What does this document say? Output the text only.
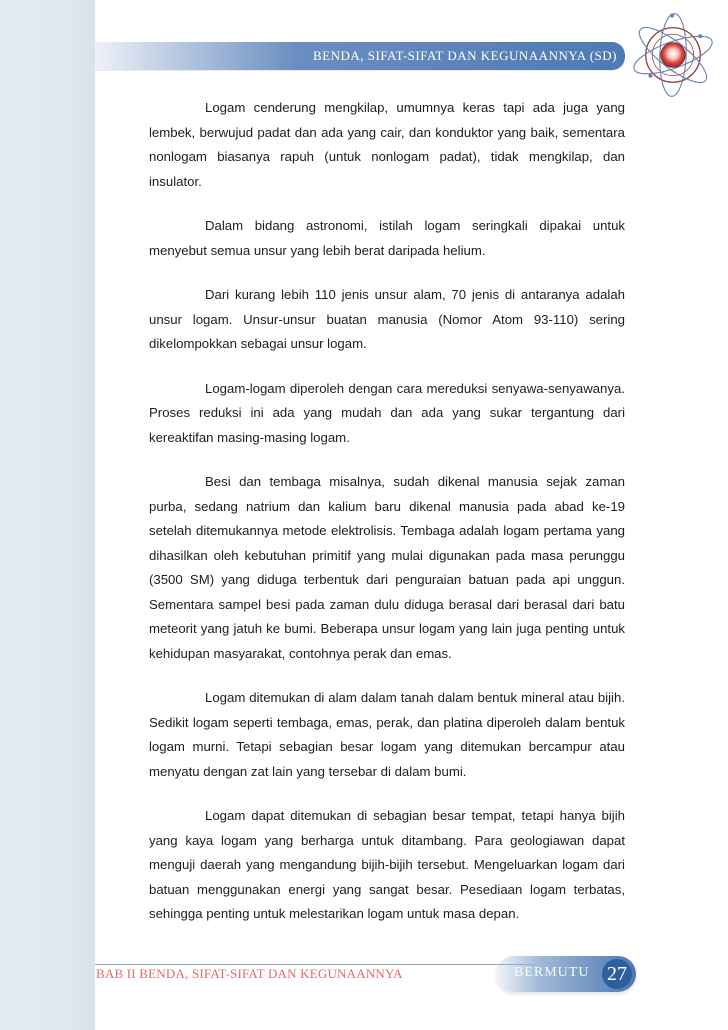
BENDA, SIFAT-SIFAT DAN KEGUNAANNYA (SD)

Logam cenderung mengkilap, umumnya keras tapi ada juga yang lembek, berwujud padat dan ada yang cair, dan konduktor yang baik, sementara nonlogam biasanya rapuh (untuk nonlogam padat), tidak mengkilap, dan insulator.

Dalam bidang astronomi, istilah logam seringkali dipakai untuk menyebut semua unsur yang lebih berat daripada helium.

Dari kurang lebih 110 jenis unsur alam, 70 jenis di antaranya adalah unsur logam. Unsur-unsur buatan manusia (Nomor Atom 93-110) sering dikelompokkan sebagai unsur logam.

Logam-logam diperoleh dengan cara mereduksi senyawa-senyawanya. Proses reduksi ini ada yang mudah dan ada yang sukar tergantung dari kereaktifan masing-masing logam.

Besi dan tembaga misalnya, sudah dikenal manusia sejak zaman purba, sedang natrium dan kalium baru dikenal manusia pada abad ke-19 setelah ditemukannya metode elektrolisis. Tembaga adalah logam pertama yang dihasilkan oleh kebutuhan primitif yang mulai digunakan pada masa perunggu (3500 SM) yang diduga terbentuk dari penguraian batuan pada api unggun. Sementara sampel besi pada zaman dulu diduga berasal dari berasal dari batu meteorit yang jatuh ke bumi. Beberapa unsur logam yang lain juga penting untuk kehidupan masyarakat, contohnya perak dan emas.

Logam ditemukan di alam dalam tanah dalam bentuk mineral atau bijih. Sedikit logam seperti tembaga, emas, perak, dan platina diperoleh dalam bentuk logam murni. Tetapi sebagian besar logam yang ditemukan bercampur atau menyatu dengan zat lain yang tersebar di dalam bumi.

Logam dapat ditemukan di sebagian besar tempat, tetapi hanya bijih yang kaya logam yang berharga untuk ditambang. Para geologiawan dapat menguji daerah yang mengandung bijih-bijih tersebut. Mengeluarkan logam dari batuan menggunakan energi yang sangat besar. Pesediaan logam terbatas, sehingga penting untuk melestarikan logam untuk masa depan.

BAB II BENDA, SIFAT-SIFAT DAN KEGUNAANNYA	BERMUTU 27
